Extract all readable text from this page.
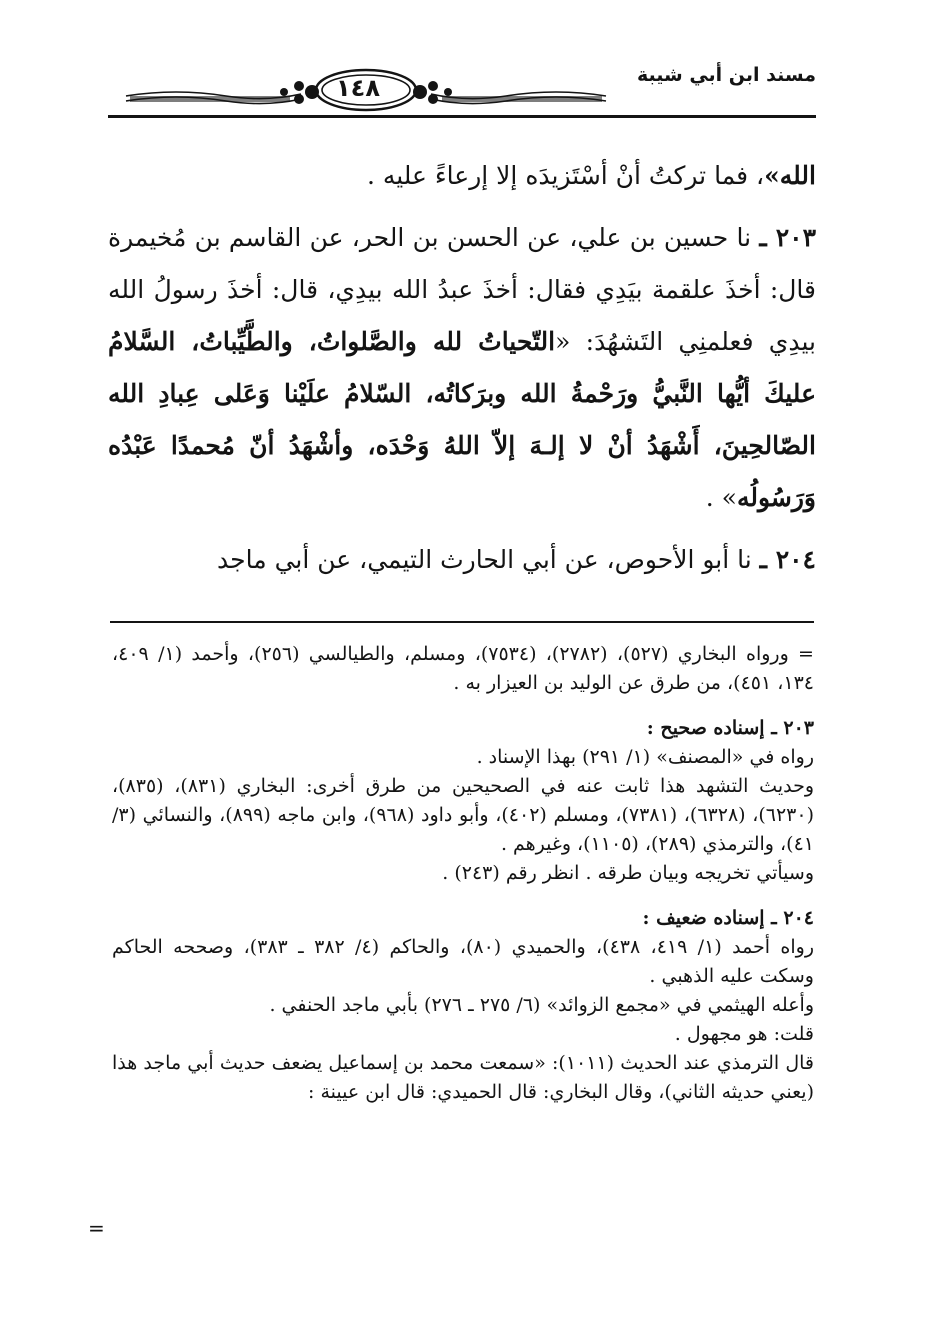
مسند ابن أبي شيبة
١٤٨

الله»، فما تركتُ أنْ أسْتَزيدَه إلا إرعاءً عليه .

٢٠٣ ـ نا حسين بن علي، عن الحسن بن الحر، عن القاسم بن مُخيمرة قال: أخذَ علقمة بيَدِي فقال: أخذَ عبدُ الله بيدِي، قال: أخذَ رسولُ الله بيدِي فعلمنِي التَشهُدَ: «التّحياتُ لله والصَّلواتُ، والطَّيِّباتُ، السَّلامُ عليكَ أيُّها النَّبيُّ ورَحْمةُ الله وبرَكاتُه، السّلامُ علَيْنا وَعَلى عِبادِ الله الصّالحِينَ، أَشْهَدُ أنْ لا إلـهَ إلاّ اللهُ وَحْدَه، وأشْهَدُ أنّ مُحمدًا عَبْدُه وَرَسُولُه» .

٢٠٤ ـ نا أبو الأحوص، عن أبي الحارث التيمي، عن أبي ماجد

= ورواه البخاري (٥٢٧)، (٢٧٨٢)، (٧٥٣٤)، ومسلم، والطيالسي (٢٥٦)، وأحمد (١/ ٤٠٩، ١٣٤، ٤٥١)، من طرق عن الوليد بن العيزار به .

٢٠٣ ـ إسناده صحيح :

رواه في «المصنف» (١/ ٢٩١) بهذا الإسناد .

وحديث التشهد هذا ثابت عنه في الصحيحين من طرق أخرى: البخاري (٨٣١)، (٨٣٥)، (٦٢٣٠)، (٦٣٢٨)، (٧٣٨١)، ومسلم (٤٠٢)، وأبو داود (٩٦٨)، وابن ماجه (٨٩٩)، والنسائي (٣/ ٤١)، والترمذي (٢٨٩)، (١١٠٥)، وغيرهم .

وسيأتي تخريجه وبيان طرقه . انظر رقم (٢٤٣) .

٢٠٤ ـ إسناده ضعيف :

رواه أحمد (١/ ٤١٩، ٤٣٨)، والحميدي (٨٠)، والحاكم (٤/ ٣٨٢ ـ ٣٨٣)، وصححه الحاكم وسكت عليه الذهبي .

وأعله الهيثمي في «مجمع الزوائد» (٦/ ٢٧٥ ـ ٢٧٦) بأبي ماجد الحنفي .

قلت: هو مجهول .

قال الترمذي عند الحديث (١٠١١): «سمعت محمد بن إسماعيل يضعف حديث أبي ماجد هذا (يعني حديثه الثاني)، وقال البخاري: قال الحميدي: قال ابن عيينة :

=
